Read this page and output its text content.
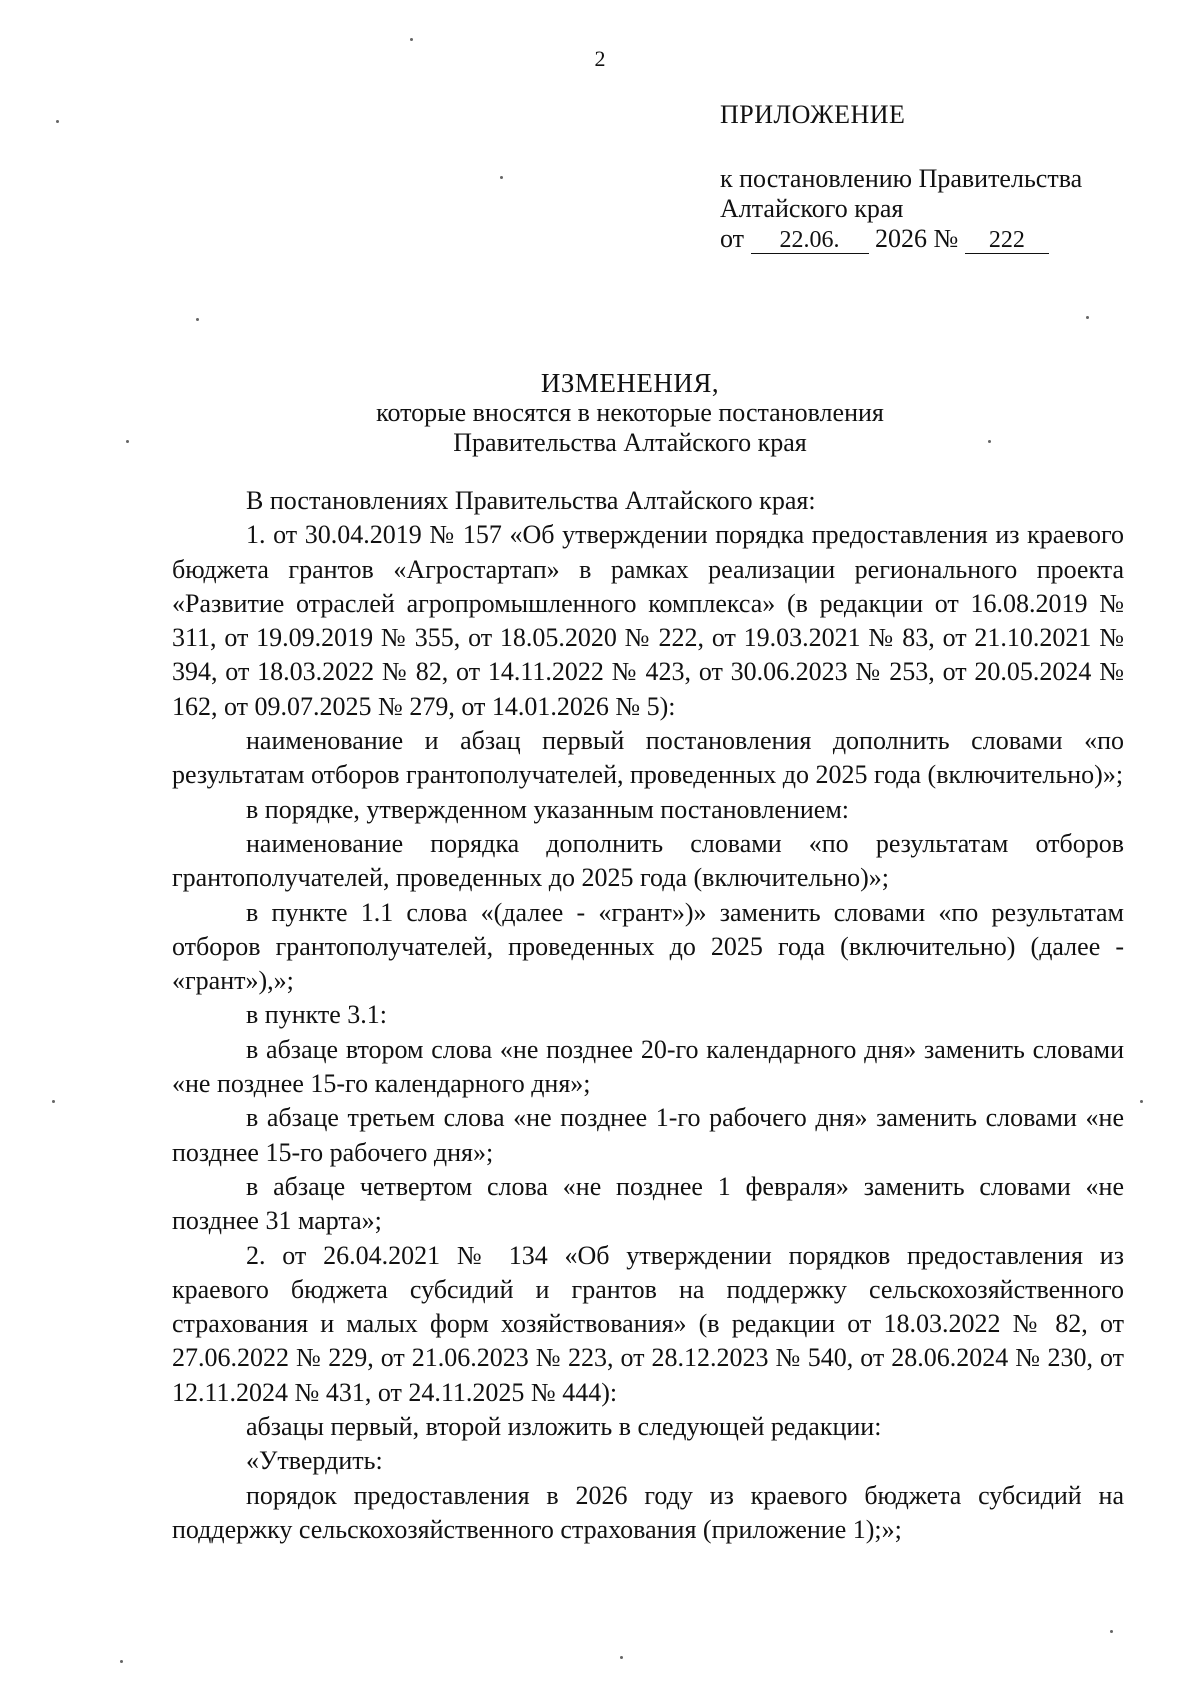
2
ПРИЛОЖЕНИЕ
к постановлению Правительства
Алтайского края
от 22.06. 2026 № 222
ИЗМЕНЕНИЯ,
которые вносятся в некоторые постановления
Правительства Алтайского края

В постановлениях Правительства Алтайского края:

1. от 30.04.2019 № 157 «Об утверждении порядка предоставления из краевого бюджета грантов «Агростартап» в рамках реализации регионального проекта «Развитие отраслей агропромышленного комплекса» (в редакции от 16.08.2019 № 311, от 19.09.2019 № 355, от 18.05.2020 № 222, от 19.03.2021 № 83, от 21.10.2021 № 394, от 18.03.2022 № 82, от 14.11.2022 № 423, от 30.06.2023 № 253, от 20.05.2024 № 162, от 09.07.2025 № 279, от 14.01.2026 № 5):

наименование и абзац первый постановления дополнить словами «по результатам отборов грантополучателей, проведенных до 2025 года (включительно)»;

в порядке, утвержденном указанным постановлением:

наименование порядка дополнить словами «по результатам отборов грантополучателей, проведенных до 2025 года (включительно)»;

в пункте 1.1 слова «(далее - «грант»)» заменить словами «по результатам отборов грантополучателей, проведенных до 2025 года (включительно) (далее - «грант»),»;

в пункте 3.1:

в абзаце втором слова «не позднее 20-го календарного дня» заменить словами «не позднее 15-го календарного дня»;

в абзаце третьем слова «не позднее 1-го рабочего дня» заменить словами «не позднее 15-го рабочего дня»;

в абзаце четвертом слова «не позднее 1 февраля» заменить словами «не позднее 31 марта»;

2. от 26.04.2021 № 134 «Об утверждении порядков предоставления из краевого бюджета субсидий и грантов на поддержку сельскохозяйственного страхования и малых форм хозяйствования» (в редакции от 18.03.2022 № 82, от 27.06.2022 № 229, от 21.06.2023 № 223, от 28.12.2023 № 540, от 28.06.2024 № 230, от 12.11.2024 № 431, от 24.11.2025 № 444):

абзацы первый, второй изложить в следующей редакции:

«Утвердить:

порядок предоставления в 2026 году из краевого бюджета субсидий на поддержку сельскохозяйственного страхования (приложение 1);»;
